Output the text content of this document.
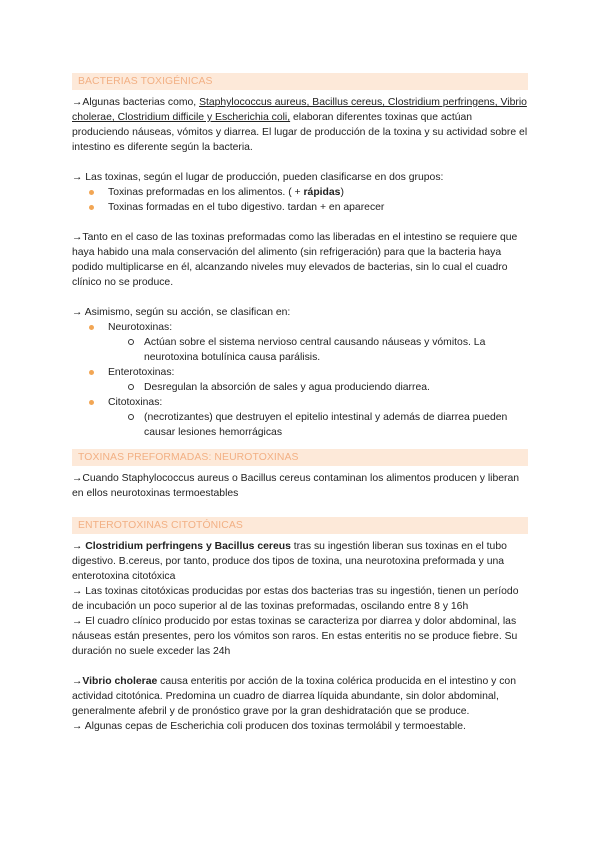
BACTERIAS TOXIGÉNICAS

→Algunas bacterias como, Staphylococcus aureus, Bacillus cereus, Clostridium perfringens, Vibrio cholerae, Clostridium difficile y Escherichia coli, elaboran diferentes toxinas que actúan produciendo náuseas, vómitos y diarrea. El lugar de producción de la toxina y su actividad sobre el intestino es diferente según la bacteria.

→ Las toxinas, según el lugar de producción, pueden clasificarse en dos grupos:

Toxinas preformadas en los alimentos. ( + rápidas)
Toxinas formadas en el tubo digestivo. tardan + en aparecer

→Tanto en el caso de las toxinas preformadas como las liberadas en el intestino se requiere que haya habido una mala conservación del alimento (sin refrigeración) para que la bacteria haya podido multiplicarse en él, alcanzando niveles muy elevados de bacterias, sin lo cual el cuadro clínico no se produce.

→ Asimismo, según su acción, se clasifican en:

Neurotoxinas:
Actúan sobre el sistema nervioso central causando náuseas y vómitos. La neurotoxina botulínica causa parálisis.
Enterotoxinas:
Desregulan la absorción de sales y agua produciendo diarrea.
Citotoxinas:
(necrotizantes) que destruyen el epitelio intestinal y además de diarrea pueden causar lesiones hemorrágicas
TOXINAS PREFORMADAS: NEUROTOXINAS

→Cuando Staphylococcus aureus o Bacillus cereus contaminan los alimentos producen y liberan en ellos neurotoxinas termoestables

ENTEROTOXINAS CITOTÓNICAS

→ Clostridium perfringens y Bacillus cereus tras su ingestión liberan sus toxinas en el tubo digestivo. B.cereus, por tanto, produce dos tipos de toxina, una neurotoxina preformada y una enterotoxina citotóxica

→ Las toxinas citotóxicas producidas por estas dos bacterias tras su ingestión, tienen un período de incubación un poco superior al de las toxinas preformadas, oscilando entre 8 y 16h

→ El cuadro clínico producido por estas toxinas se caracteriza por diarrea y dolor abdominal, las náuseas están presentes, pero los vómitos son raros. En estas enteritis no se produce fiebre. Su duración no suele exceder las 24h

→Vibrio cholerae causa enteritis por acción de la toxina colérica producida en el intestino y con actividad citotónica. Predomina un cuadro de diarrea líquida abundante, sin dolor abdominal, generalmente afebril y de pronóstico grave por la gran deshidratación que se produce.

→ Algunas cepas de Escherichia coli producen dos toxinas termolábil y termoestable.
